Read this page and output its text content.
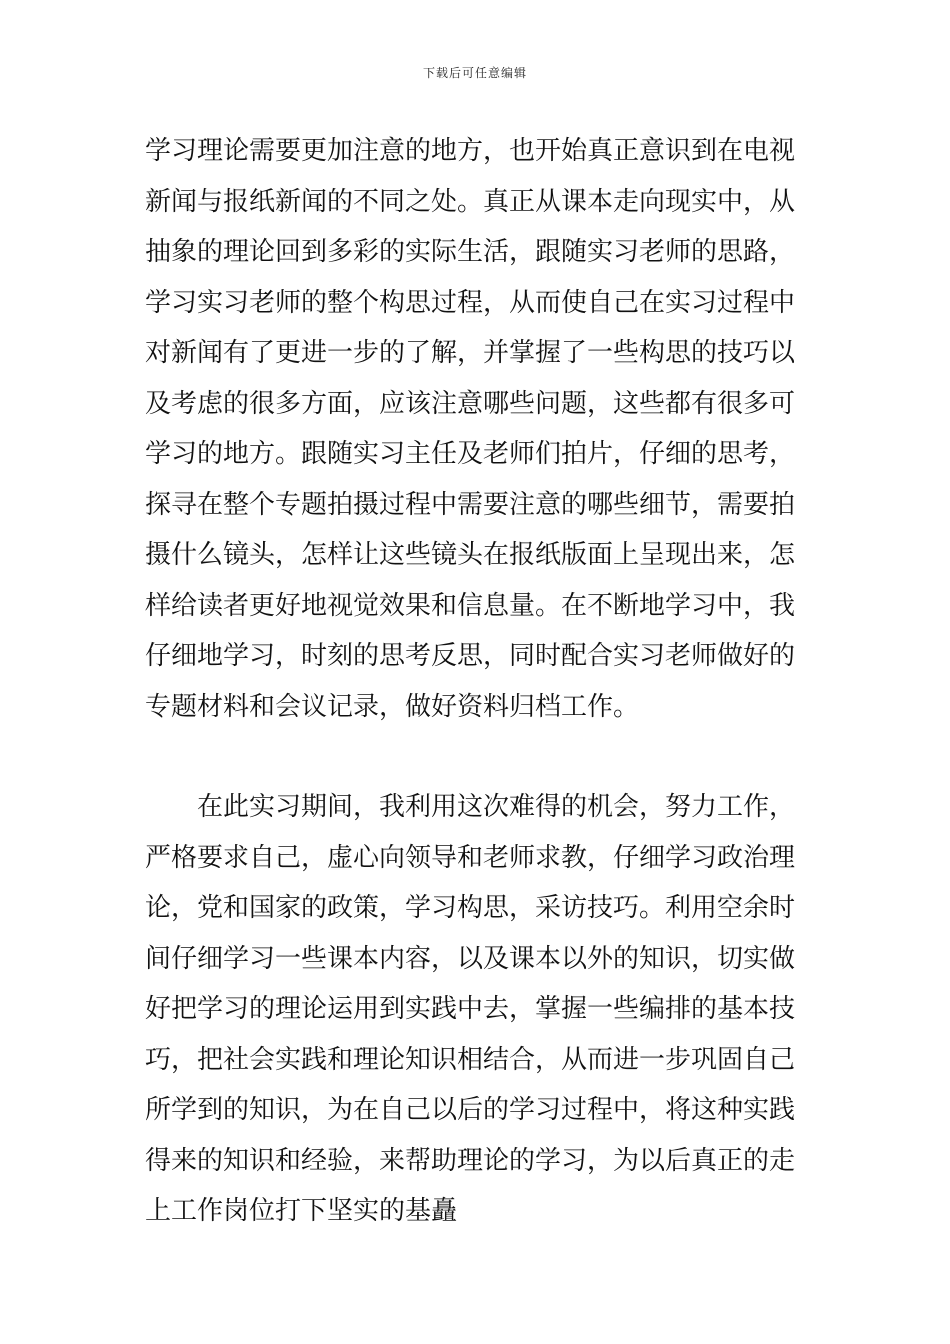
下载后可任意编辑

学习理论需要更加注意的地方，也开始真正意识到在电视
新闻与报纸新闻的不同之处。真正从课本走向现实中，从
抽象的理论回到多彩的实际生活，跟随实习老师的思路，
学习实习老师的整个构思过程，从而使自己在实习过程中
对新闻有了更进一步的了解，并掌握了一些构思的技巧以
及考虑的很多方面，应该注意哪些问题，这些都有很多可
学习的地方。跟随实习主任及老师们拍片，仔细的思考，
探寻在整个专题拍摄过程中需要注意的哪些细节，需要拍
摄什么镜头，怎样让这些镜头在报纸版面上呈现出来，怎
样给读者更好地视觉效果和信息量。在不断地学习中，我
仔细地学习，时刻的思考反思，同时配合实习老师做好的
专题材料和会议记录，做好资料归档工作。

在此实习期间，我利用这次难得的机会，努力工作，
严格要求自己，虚心向领导和老师求教，仔细学习政治理
论，党和国家的政策，学习构思，采访技巧。利用空余时
间仔细学习一些课本内容，以及课本以外的知识，切实做
好把学习的理论运用到实践中去，掌握一些编排的基本技
巧，把社会实践和理论知识相结合，从而进一步巩固自己
所学到的知识，为在自己以后的学习过程中，将这种实践
得来的知识和经验，来帮助理论的学习，为以后真正的走
上工作岗位打下坚实的基矗
